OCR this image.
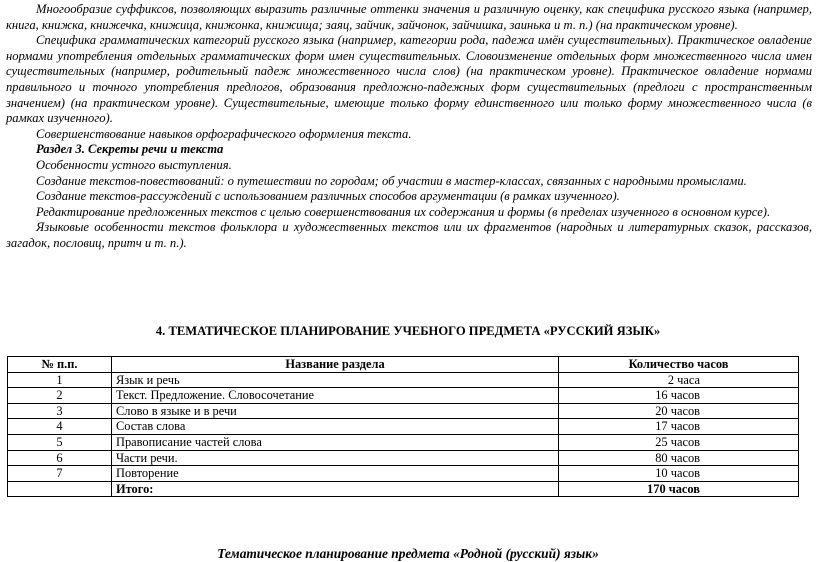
Многообразие суффиксов, позволяющих выразить различные оттенки значения и различную оценку, как специфика русского языка (например, книга, книжка, книжечка, книжица, книжонка, книжища; заяц, зайчик, зайчонок, зайчишка, заинька и т. п.) (на практическом уровне).

Специфика грамматических категорий русского языка (например, категории рода, падежа имён существительных). Практическое овладение нормами употребления отдельных грамматических форм имен существительных. Словоизменение отдельных форм множественного числа имен существительных (например, родительный падеж множественного числа слов) (на практическом уровне). Практическое овладение нормами правильного и точного употребления предлогов, образования предложно-падежных форм существительных (предлоги с пространственным значением) (на практическом уровне). Существительные, имеющие только форму единственного или только форму множественного числа (в рамках изученного).

Совершенствование навыков орфографического оформления текста.

Раздел 3. Секреты речи и текста

Особенности устного выступления.

Создание текстов-повествований: о путешествии по городам; об участии в мастер-классах, связанных с народными промыслами.

Создание текстов-рассуждений с использованием различных способов аргументации (в рамках изученного).

Редактирование предложенных текстов с целью совершенствования их содержания и формы (в пределах изученного в основном курсе).

Языковые особенности текстов фольклора и художественных текстов или их фрагментов (народных и литературных сказок, рассказов, загадок, пословиц, притч и т. п.).

4. ТЕМАТИЧЕСКОЕ ПЛАНИРОВАНИЕ УЧЕБНОГО ПРЕДМЕТА «РУССКИЙ ЯЗЫК»
№ п.п.	Название раздела	Количество часов
1	Язык и речь	2 часа
2	Текст. Предложение. Словосочетание	16 часов
3	Слово в языке и в речи	20 часов
4	Состав слова	17 часов
5	Правописание частей слова	25 часов
6	Части речи.	80 часов
7	Повторение	10 часов
	Итого:	170 часов
Тематическое планирование предмета «Родной (русский) язык»
